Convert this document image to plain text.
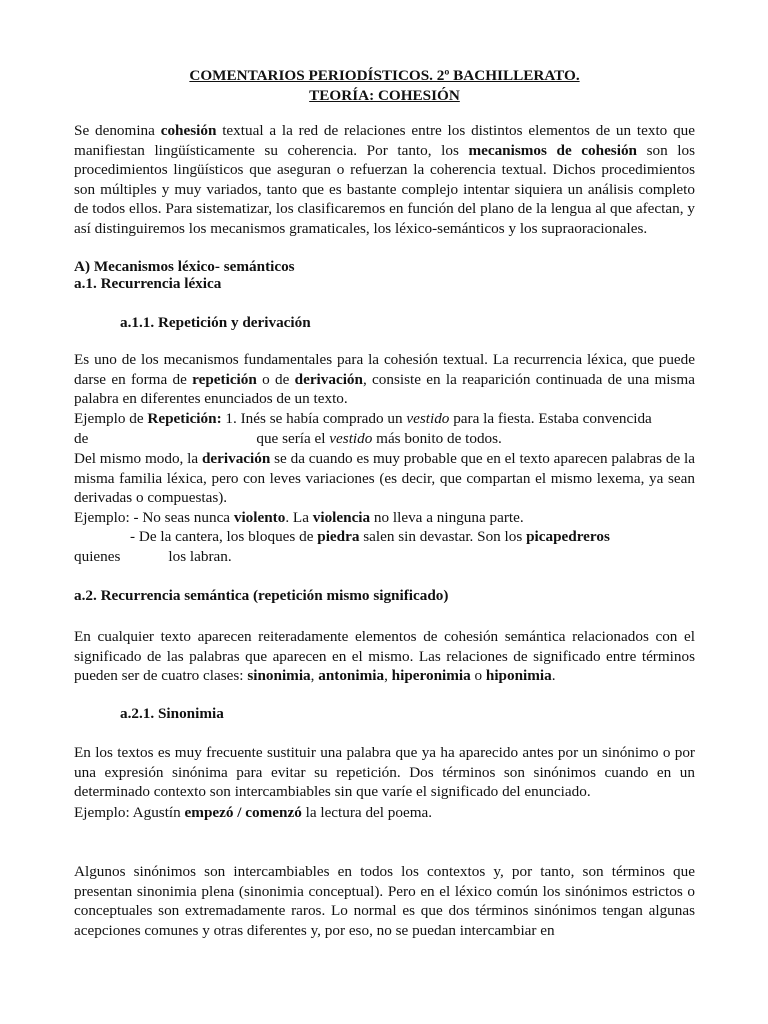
COMENTARIOS PERIODÍSTICOS. 2º BACHILLERATO.

TEORÍA: COHESIÓN

Se denomina cohesión textual a la red de relaciones entre los distintos elementos de un texto que manifiestan lingüísticamente su coherencia. Por tanto, los mecanismos de cohesión son los procedimientos lingüísticos que aseguran o refuerzan la coherencia textual. Dichos procedimientos son múltiples y muy variados, tanto que es bastante complejo intentar siquiera un análisis completo de todos ellos. Para sistematizar, los clasificaremos en función del plano de la lengua al que afectan, y así distinguiremos los mecanismos gramaticales, los léxico-semánticos y los supraoracionales.

A) Mecanismos léxico- semánticos

a.1. Recurrencia léxica

a.1.1. Repetición y derivación

Es uno de los mecanismos fundamentales para la cohesión textual. La recurrencia léxica, que puede darse en forma de repetición o de derivación, consiste en la reaparición continuada de una misma palabra en diferentes enunciados de un texto.

Ejemplo de Repetición: 1. Inés se había comprado un vestido para la fiesta. Estaba convencida

de	que sería el vestido más bonito de todos.

Del mismo modo, la derivación se da cuando es muy probable que en el texto aparecen palabras de la misma familia léxica, pero con leves variaciones (es decir, que compartan el mismo lexema, ya sean derivadas o compuestas).

Ejemplo: - No seas nunca violento. La violencia no lleva a ninguna parte.

- De la cantera, los bloques de piedra salen sin devastar. Son los picapedreros

quienes	los labran.

a.2. Recurrencia semántica (repetición mismo significado)

En cualquier texto aparecen reiteradamente elementos de cohesión semántica relacionados con el significado de las palabras que aparecen en el mismo. Las relaciones de significado entre términos pueden ser de cuatro clases: sinonimia, antonimia, hiperonimia o hiponimia.

a.2.1. Sinonimia

En los textos es muy frecuente sustituir una palabra que ya ha aparecido antes por un sinónimo o por una expresión sinónima para evitar su repetición. Dos términos son sinónimos cuando en un determinado contexto son intercambiables sin que varíe el significado del enunciado.

Ejemplo: Agustín empezó / comenzó la lectura del poema.

Algunos sinónimos son intercambiables en todos los contextos y, por tanto, son términos que presentan sinonimia plena (sinonimia conceptual). Pero en el léxico común los sinónimos estrictos o conceptuales son extremadamente raros. Lo normal es que dos términos sinónimos tengan algunas acepciones comunes y otras diferentes y, por eso, no se puedan intercambiar en
